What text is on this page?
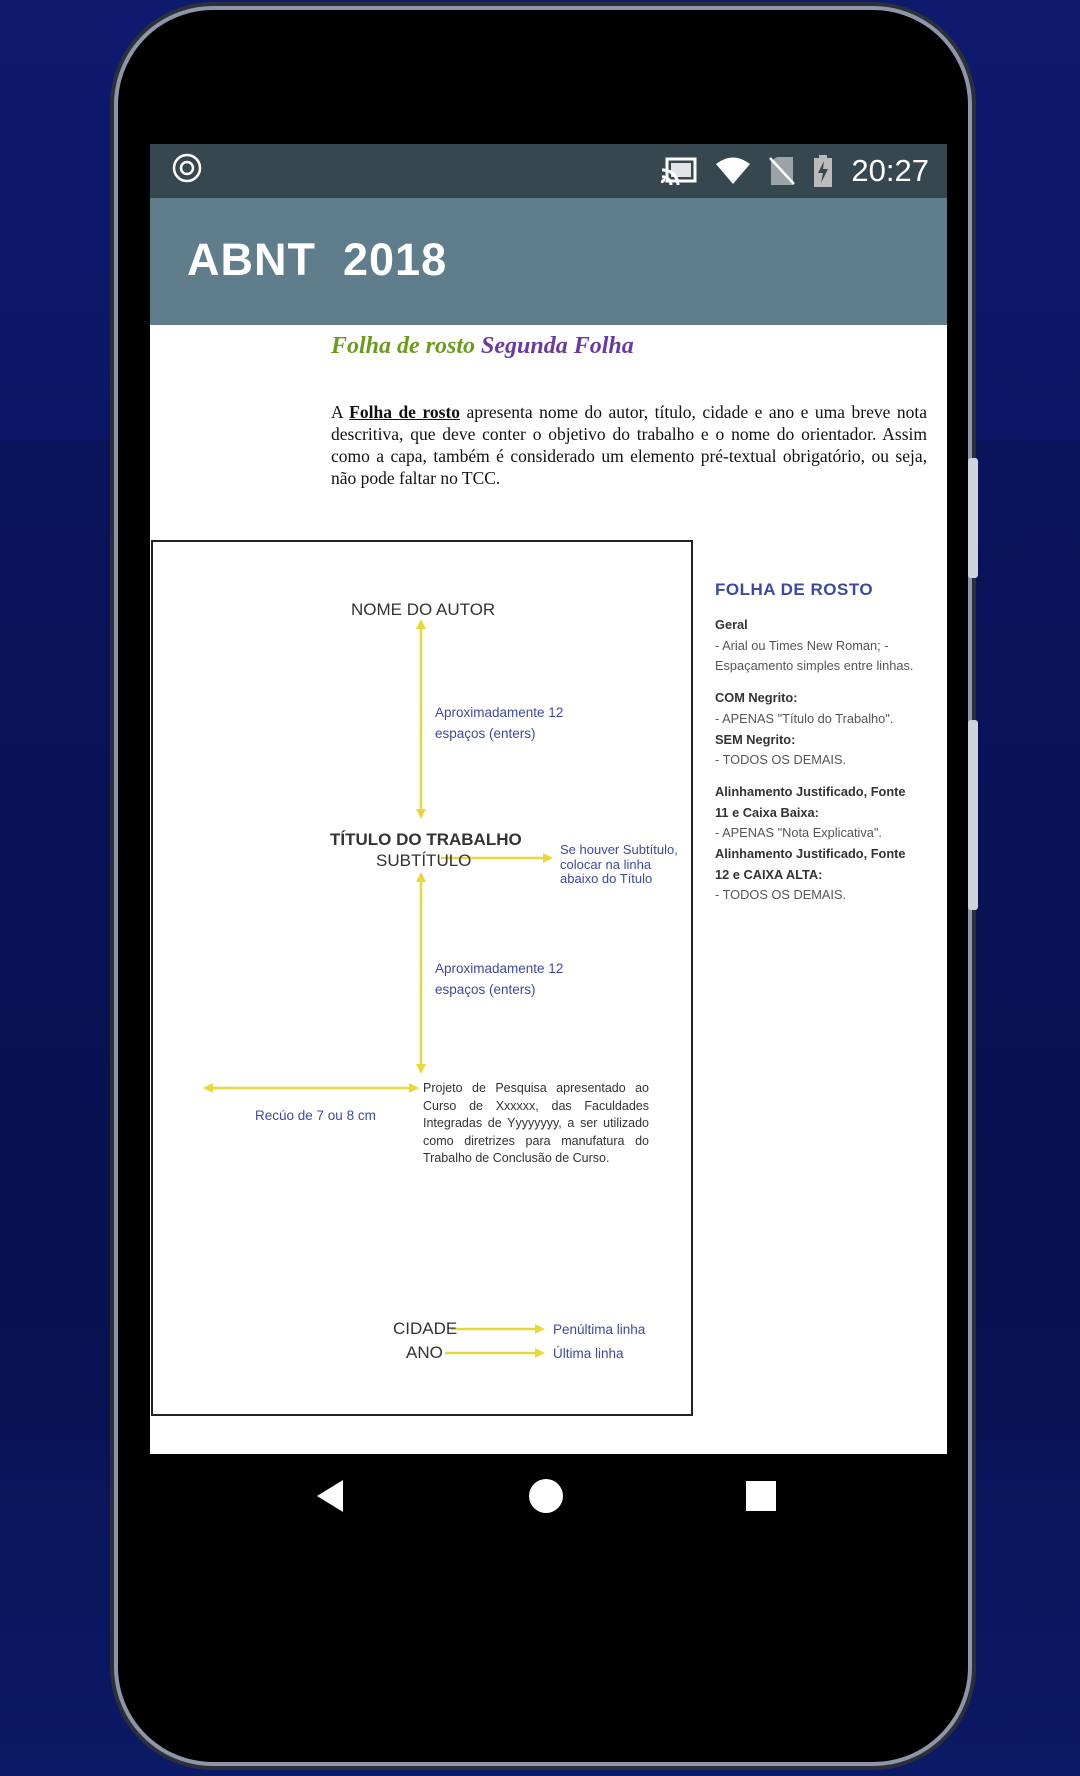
20:27
ABNT  2018
Folha de rosto Segunda Folha
A Folha de rosto apresenta nome do autor, título, cidade e ano e uma breve nota descritiva, que deve conter o objetivo do trabalho e o nome do orientador. Assim como a capa, também é considerado um elemento pré-textual obrigatório, ou seja, não pode faltar no TCC.
NOME DO AUTOR
Aproximadamente 12 espaços (enters)
TÍTULO DO TRABALHO
SUBTÍTULO
Se houver Subtítulo, colocar na linha abaixo do Título
Aproximadamente 12 espaços (enters)
Recúo de 7 ou 8 cm
Projeto de Pesquisa apresentado ao Curso de Xxxxxx, das Faculdades Integradas de Yyyyyyyy, a ser utilizado como diretrizes para manufatura do Trabalho de Conclusão de Curso.
CIDADE
ANO
Penúltima linha
Última linha
FOLHA DE ROSTO
Geral
- Arial ou Times New Roman; - Espaçamento simples entre linhas.

COM Negrito:
- APENAS "Título do Trabalho".
SEM Negrito:
- TODOS OS DEMAIS.

Alinhamento Justificado, Fonte 11 e Caixa Baixa:
- APENAS "Nota Explicativa".
Alinhamento Justificado, Fonte 12 e CAIXA ALTA:
- TODOS OS DEMAIS.
